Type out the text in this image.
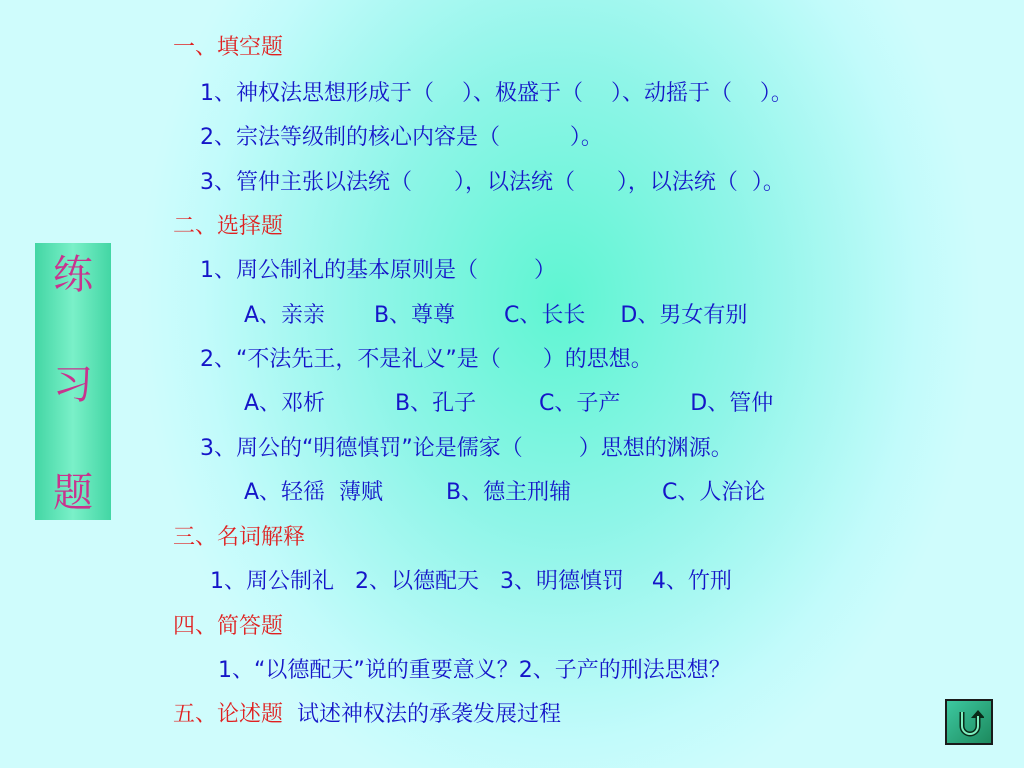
练
习
题
一、填空题
1、神权法思想形成于（    ）、极盛于（    ）、动摇于（    ）。
2、宗法等级制的核心内容是（          ）。
3、管仲主张以法统（      ），以法统（      ），以法统（  ）。
二、选择题
1、周公制礼的基本原则是（        ）
A、亲亲       B、尊尊       C、长长     D、男女有别
2、“不法先王，不是礼义”是（      ）的思想。
A、邓析          B、孔子         C、子产          D、管仲
3、周公的“明德慎罚”论是儒家（        ）思想的渊源。
A、轻徭  薄赋         B、德主刑辅             C、人治论
三、名词解释
1、周公制礼   2、以德配天   3、明德慎罚    4、竹刑
四、简答题
1、“以德配天”说的重要意义？2、子产的刑法思想？
五、论述题 试述神权法的承袭发展过程
